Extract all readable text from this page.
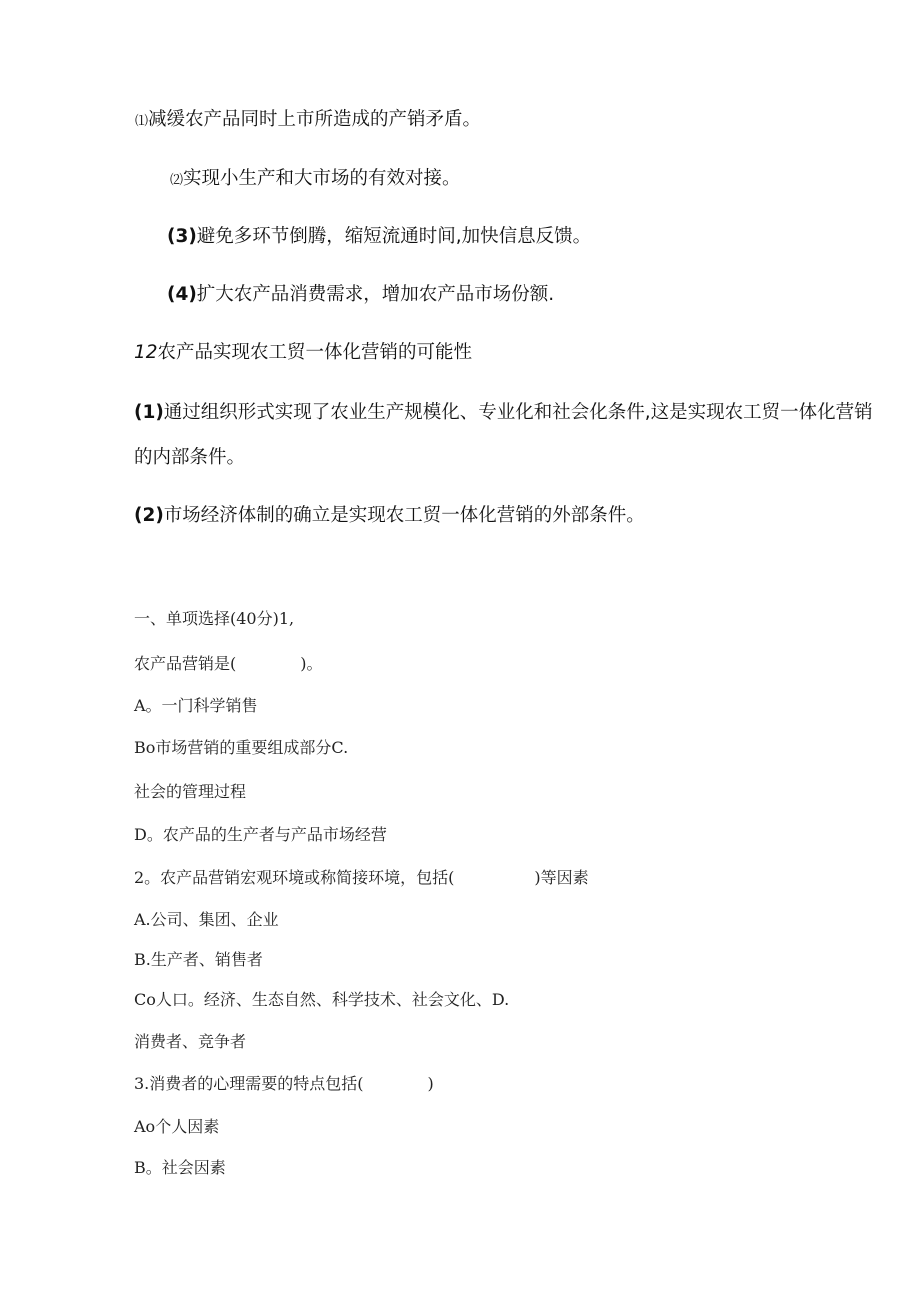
⑴减缓农产品同时上市所造成的产销矛盾。
⑵实现小生产和大市场的有效对接。
(3)避免多环节倒腾，缩短流通时间,加快信息反馈。
(4)扩大农产品消费需求，增加农产品市场份额.
12农产品实现农工贸一体化营销的可能性
(1)通过组织形式实现了农业生产规模化、专业化和社会化条件,这是实现农工贸一体化营销
的内部条件。
(2)市场经济体制的确立是实现农工贸一体化营销的外部条件。
一、单项选择(40分)1,
农产品营销是(　　　　)。
A。一门科学销售
Bo市场营销的重要组成部分C.
社会的管理过程
D。农产品的生产者与产品市场经营
2。农产品营销宏观环境或称简接环境，包括(　　　　　)等因素
A.公司、集团、企业
B.生产者、销售者
Co人口。经济、生态自然、科学技术、社会文化、D.
消费者、竞争者
3.消费者的心理需要的特点包括(　　　　)
Ao个人因素
B。社会因素
